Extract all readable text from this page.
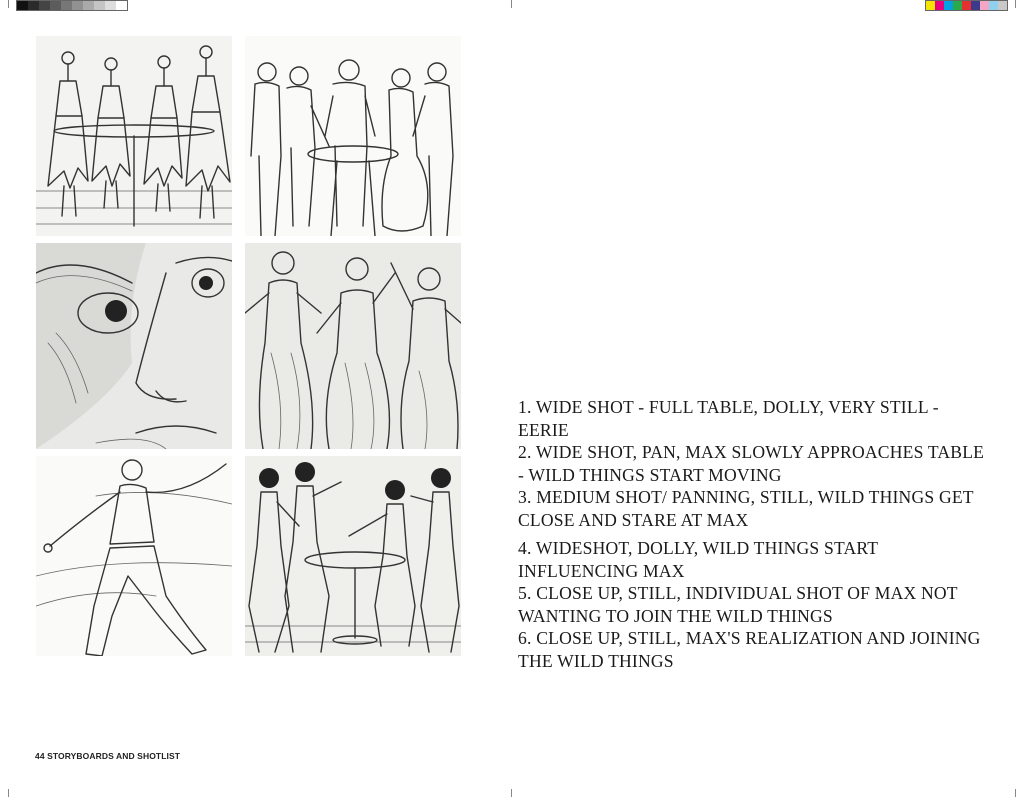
1. WIDE SHOT - FULL TABLE, DOLLY, VERY STILL - EERIE

2. WIDE SHOT, PAN, MAX SLOWLY APPROACHES TABLE - WILD THINGS START MOVING

3. MEDIUM SHOT/ PANNING, STILL, WILD THINGS GET CLOSE AND STARE AT MAX

4. WIDESHOT, DOLLY, WILD THINGS START INFLUENCING MAX

5. CLOSE UP, STILL, INDIVIDUAL SHOT OF MAX NOT WANTING TO JOIN THE WILD THINGS

6. CLOSE UP, STILL, MAX'S REALIZATION AND JOINING THE WILD THINGS

44 STORYBOARDS AND SHOTLIST
